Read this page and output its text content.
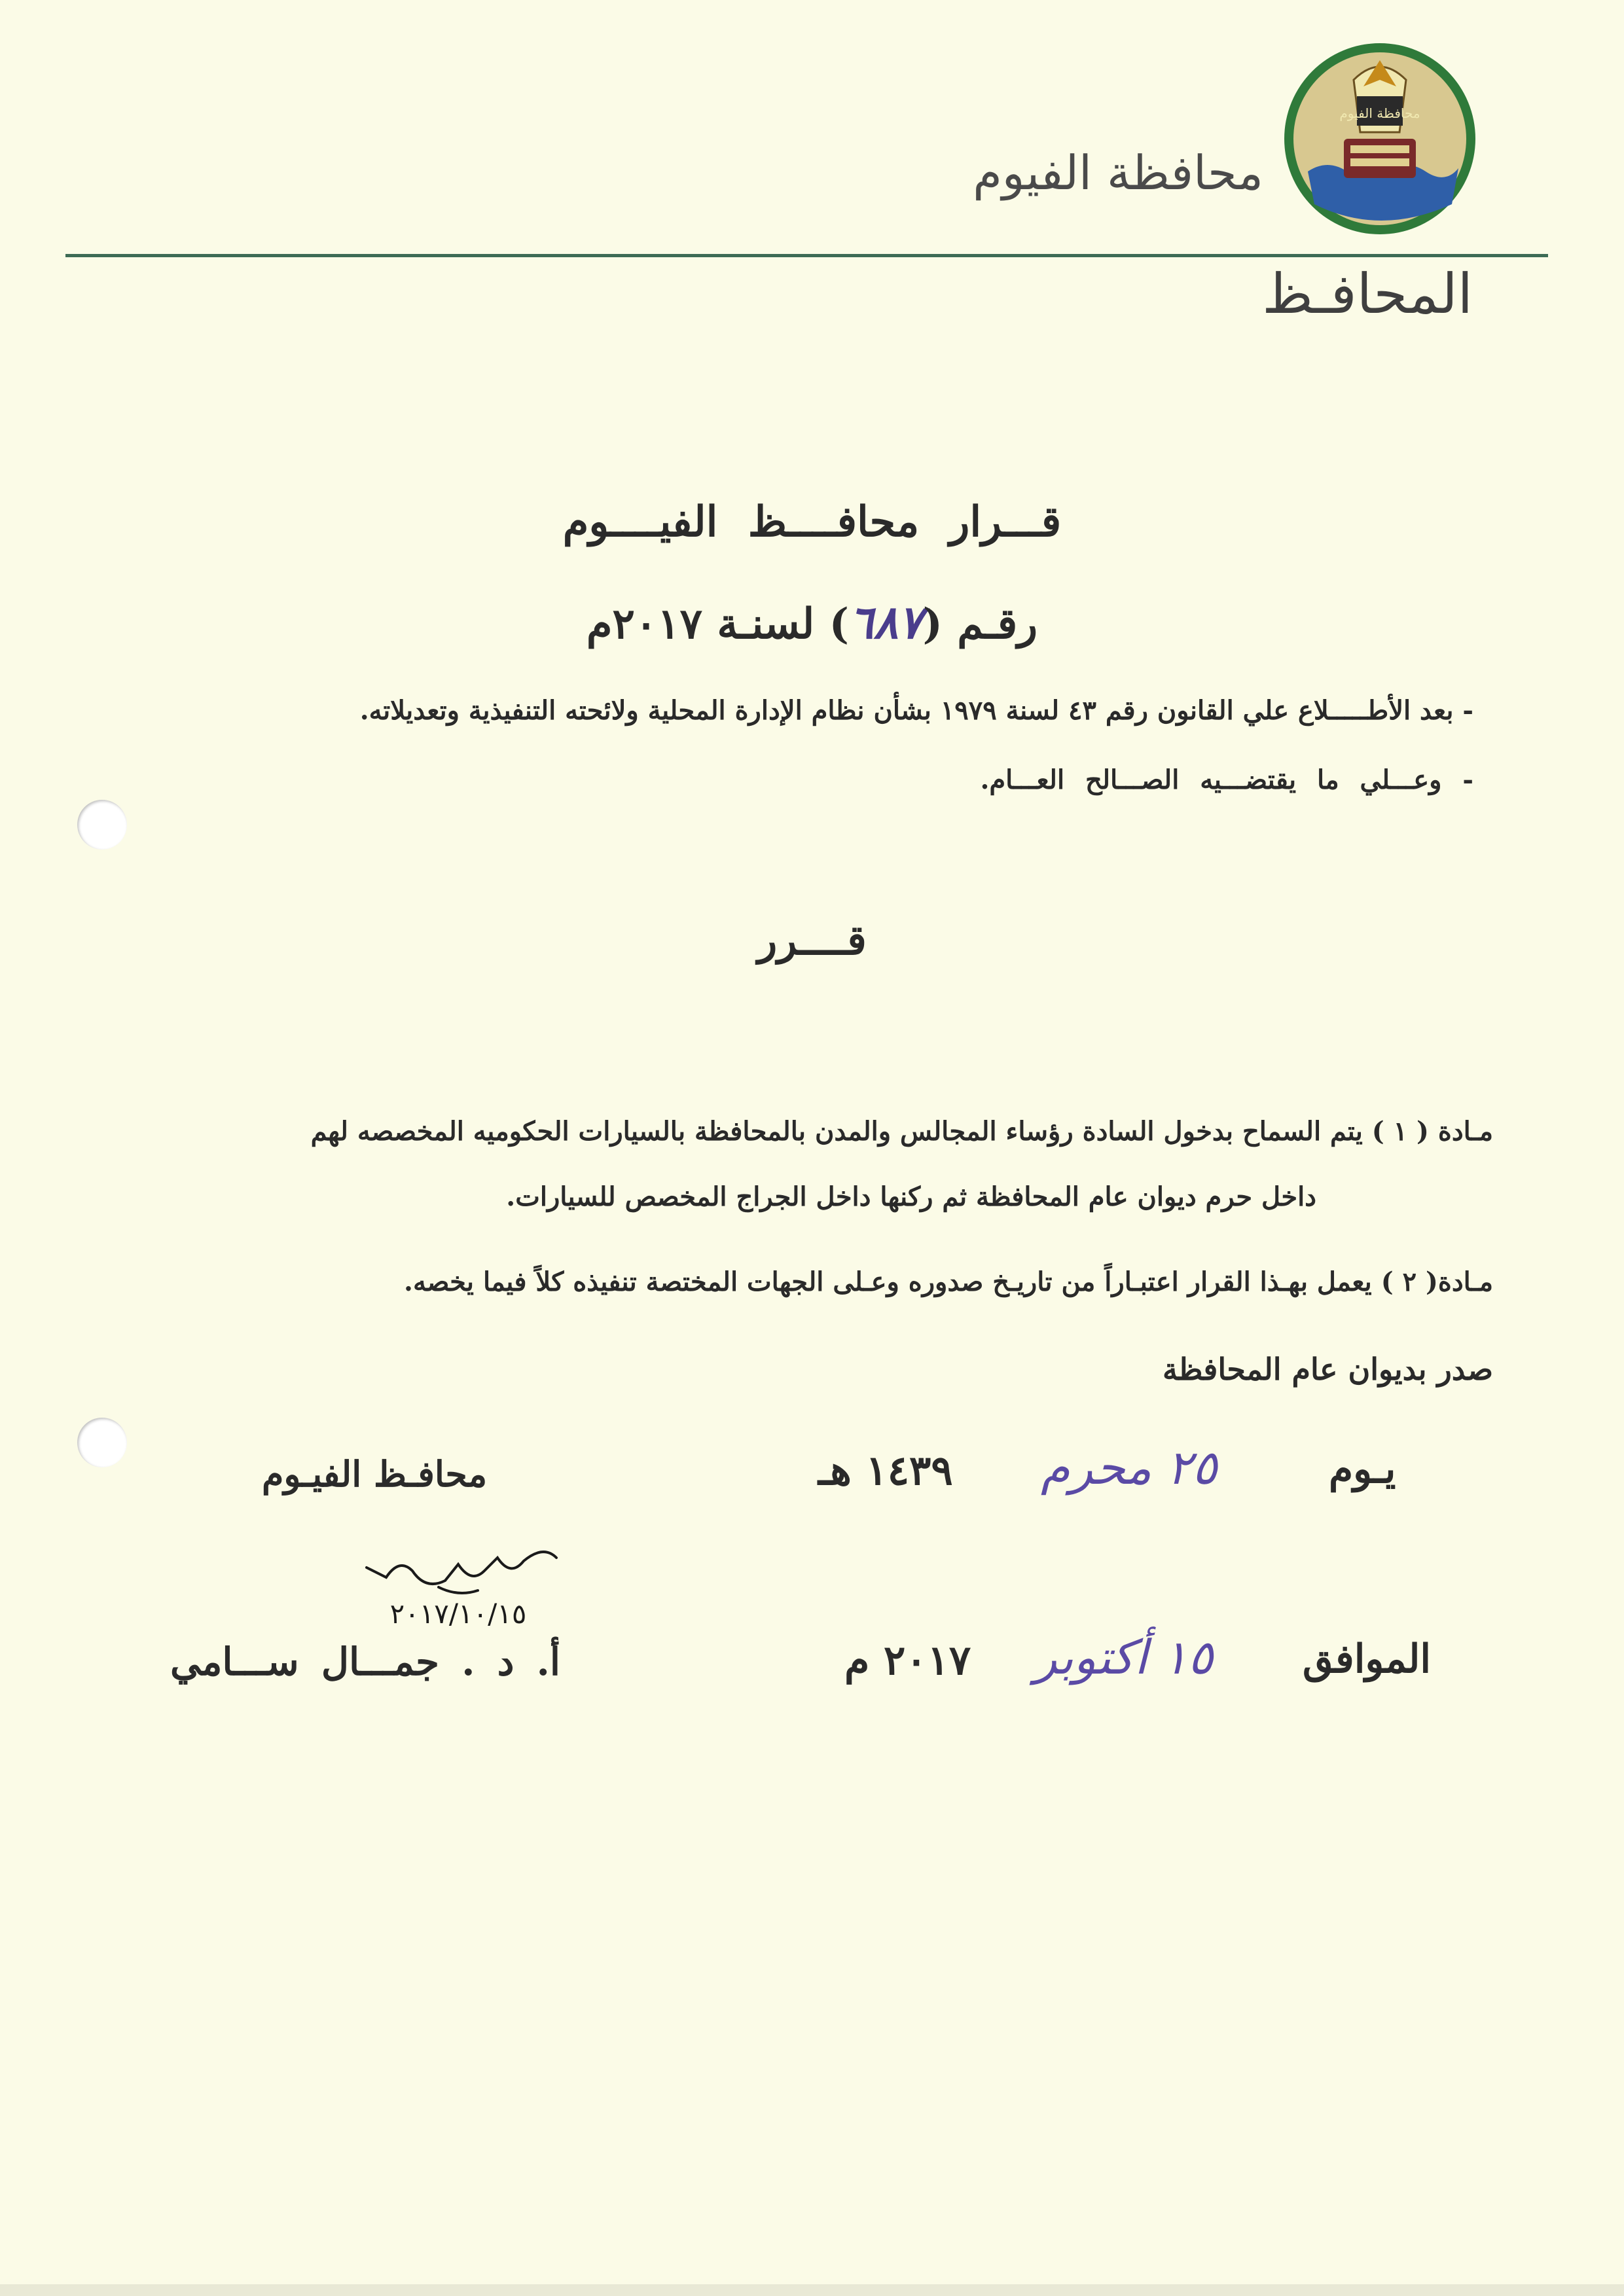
محافظة الفيوم
محافظة الفيوم
المحافـظ
قـــرار محافــــظ الفيــــوم
رقـم (٦٨٧) لسنـة ٢٠١٧م
- بعد الأطـــــلاع علي القانون رقم ٤٣ لسنة ١٩٧٩ بشأن نظام الإدارة المحلية ولائحته التنفيذية وتعديلاته.
- وعـــلي ما يقتضـــيه الصـــالح العـــام.
قــــرر
مـادة ( ١ ) يتم السماح بدخول السادة رؤساء المجالس والمدن بالمحافظة بالسيارات الحكوميه المخصصه لهم
داخل حرم ديوان عام المحافظة ثم ركنها داخل الجراج المخصص للسيارات.
مـادة( ٢ ) يعمل بهـذا القرار اعتبـاراً من تاريـخ صدوره وعـلى الجهات المختصة تنفيذه كلاً فيما يخصه.
صدر بديوان عام المحافظة
يـوم
٢٥ محرم
١٤٣٩ هـ
الموافق
١٥ أكتوبر
٢٠١٧ م
محافـظ الفيـوم
٢٠١٧/١٠/١٥
أ. د . جمـــال ســـامي
